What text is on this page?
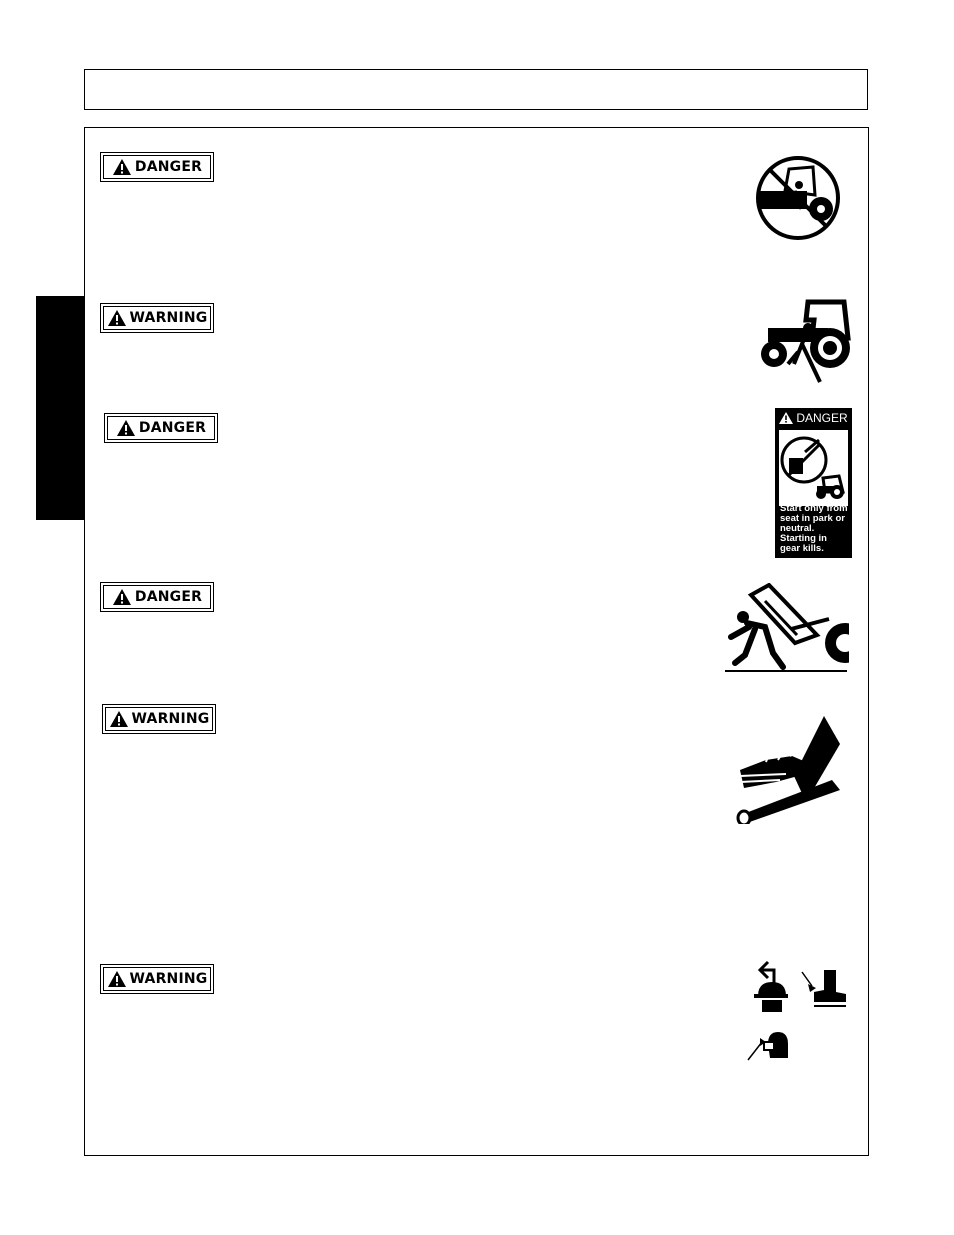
DANGER
WARNING
DANGER
DANGER
WARNING
WARNING
DANGER
Start only from
seat in park or
neutral.
Starting in
gear kills.
